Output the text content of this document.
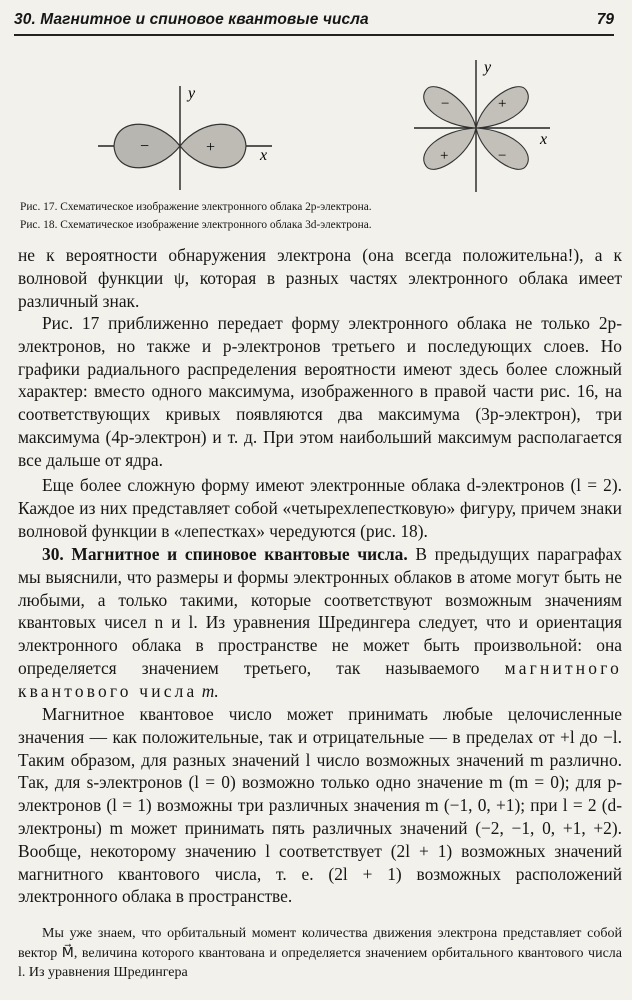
30. Магнитное и спиновое квантовые числа	79
−	+
y
x
−	+
+	−
y
x
Рис. 17. Схематическое изображение электронного облака 2p-электрона.
Рис. 18. Схематическое изображение электронного облака 3d-электрона.

не к вероятности обнаружения электрона (она всегда положительна!), а к волновой функции ψ, которая в разных частях электронного облака имеет различный знак.

Рис. 17 приближенно передает форму электронного облака не только 2p-электронов, но также и p-электронов третьего и последующих слоев. Но графики радиального распределения вероятности имеют здесь более сложный характер: вместо одного максимума, изображенного в правой части рис. 16, на соответствующих кривых появляются два максимума (3p-электрон), три максимума (4p-электрон) и т. д. При этом наибольший максимум располагается все дальше от ядра.

Еще более сложную форму имеют электронные облака d-электронов (l = 2). Каждое из них представляет собой «четырехлепестковую» фигуру, причем знаки волновой функции в «лепестках» чередуются (рис. 18).

30. Магнитное и спиновое квантовые числа. В предыдущих параграфах мы выяснили, что размеры и формы электронных облаков в атоме могут быть не любыми, а только такими, которые соответствуют возможным значениям квантовых чисел n и l. Из уравнения Шредингера следует, что и ориентация электронного облака в пространстве не может быть произвольной: она определяется значением третьего, так называемого магнитного квантового числа m.

Магнитное квантовое число может принимать любые целочисленные значения — как положительные, так и отрицательные — в пределах от +l до −l. Таким образом, для разных значений l число возможных значений m различно. Так, для s-электронов (l = 0) возможно только одно значение m (m = 0); для p-электронов (l = 1) возможны три различных значения m (−1, 0, +1); при l = 2 (d-электроны) m может принимать пять различных значений (−2, −1, 0, +1, +2). Вообще, некоторому значению l соответствует (2l + 1) возможных значений магнитного квантового числа, т. е. (2l + 1) возможных расположений электронного облака в пространстве.

Мы уже знаем, что орбитальный момент количества движения электрона представляет собой вектор M⃗, величина которого квантована и определяется значением орбитального квантового числа l. Из уравнения Шредингера
